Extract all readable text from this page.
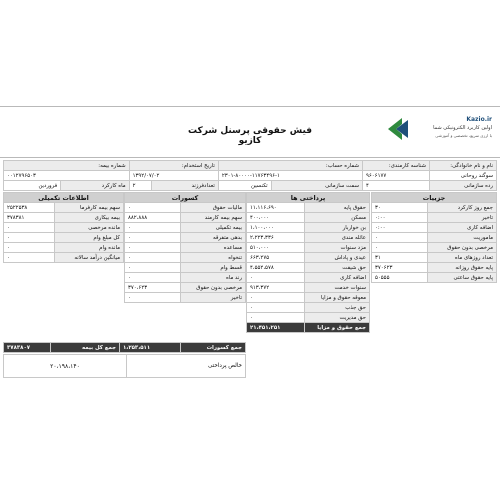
Kazio.ir
اولین کاربرد الکترونیکی شما
با ارزی سریع، تخصصی و آموزشی
فیش حقوقی پرسنل شرکت کازیو
نام و نام خانوادگی:	شناسه کارمندی:	شماره حساب:		تاریخ استخدام:		شماره بیمه:	
سوگند روحانی	۹۶۰۶۱۷۷	۲۳۰۱-۸۰۰۰۰-۱۱۷۶۳۴۹۶-۱		۱۳۹۲/۰۷/۰۲		۰۰۱۲۷۹۶۵۰۳	
رده سازمانی	۴	سمت سازمانی	تکنسین	تعدادفرزند	۲	ماه کارکرد	فروردین
جزییات	
جمع روز کارکرد	۳۰
تاخیر	۰:۰۰
اضافه کاری	۰:۰۰
ماموریت	۰
مرخصی بدون حقوق	۰
تعداد روزهای ماه	۳۱
پایه حقوق روزانه	۳۷۰۶۲۳
پایه حقوق ساعتی	۵۰۵۵۵
پرداختی ها	
حقوق پایه	۱۱،۱۱۶،۶۹۰
مسکن	۴۰۰،۰۰۰
بن خواربار	۱،۱۰۰،۰۰۰
عائله مندی	۲،۲۲۳،۳۳۶
مزد سنوات	۵۱۰،۰۰۰
عیدی و پاداش	۶۶۳،۲۷۵
حق شیفت	۴،۵۵۲،۵۷۸
اضافه کاری	۰
سنوات خدمت	۹۱۳،۳۷۲
معوقه حقوق و مزایا	۰
حق جذب	۰
حق مدیریت	۰
جمع حقوق و مزایا	۲۱،۴۵۱،۲۵۱
کسورات	
مالیات حقوق	۰
سهم بیمه کارمند	۸۸۲،۸۸۸
بیمه تکمیلی	۰
بدهی متفرقه	۰
مساعده	۰
تنخواه	۰
قسط وام	۰
رند ماه	۰
مرخصی بدون حقوق	۳۷۰،۶۲۳
تاخیر	۰
اطلاعات تکمیلی	
سهم بیمه کارفرما	۲۵۲۲۵۳۸
بیمه بیکاری	۳۷۸۳۸۱
مانده مرخصی	۰
کل مبلغ وام	۰
مانده وام	۰
میانگین درآمد سالانه	۰
جمع کسورات	۱،۲۵۳،۵۱۱	جمع کل بیمه	۳۷۸۳۸۰۷
خالص پرداختی	۲۰،۱۹۸،۱۴۰
